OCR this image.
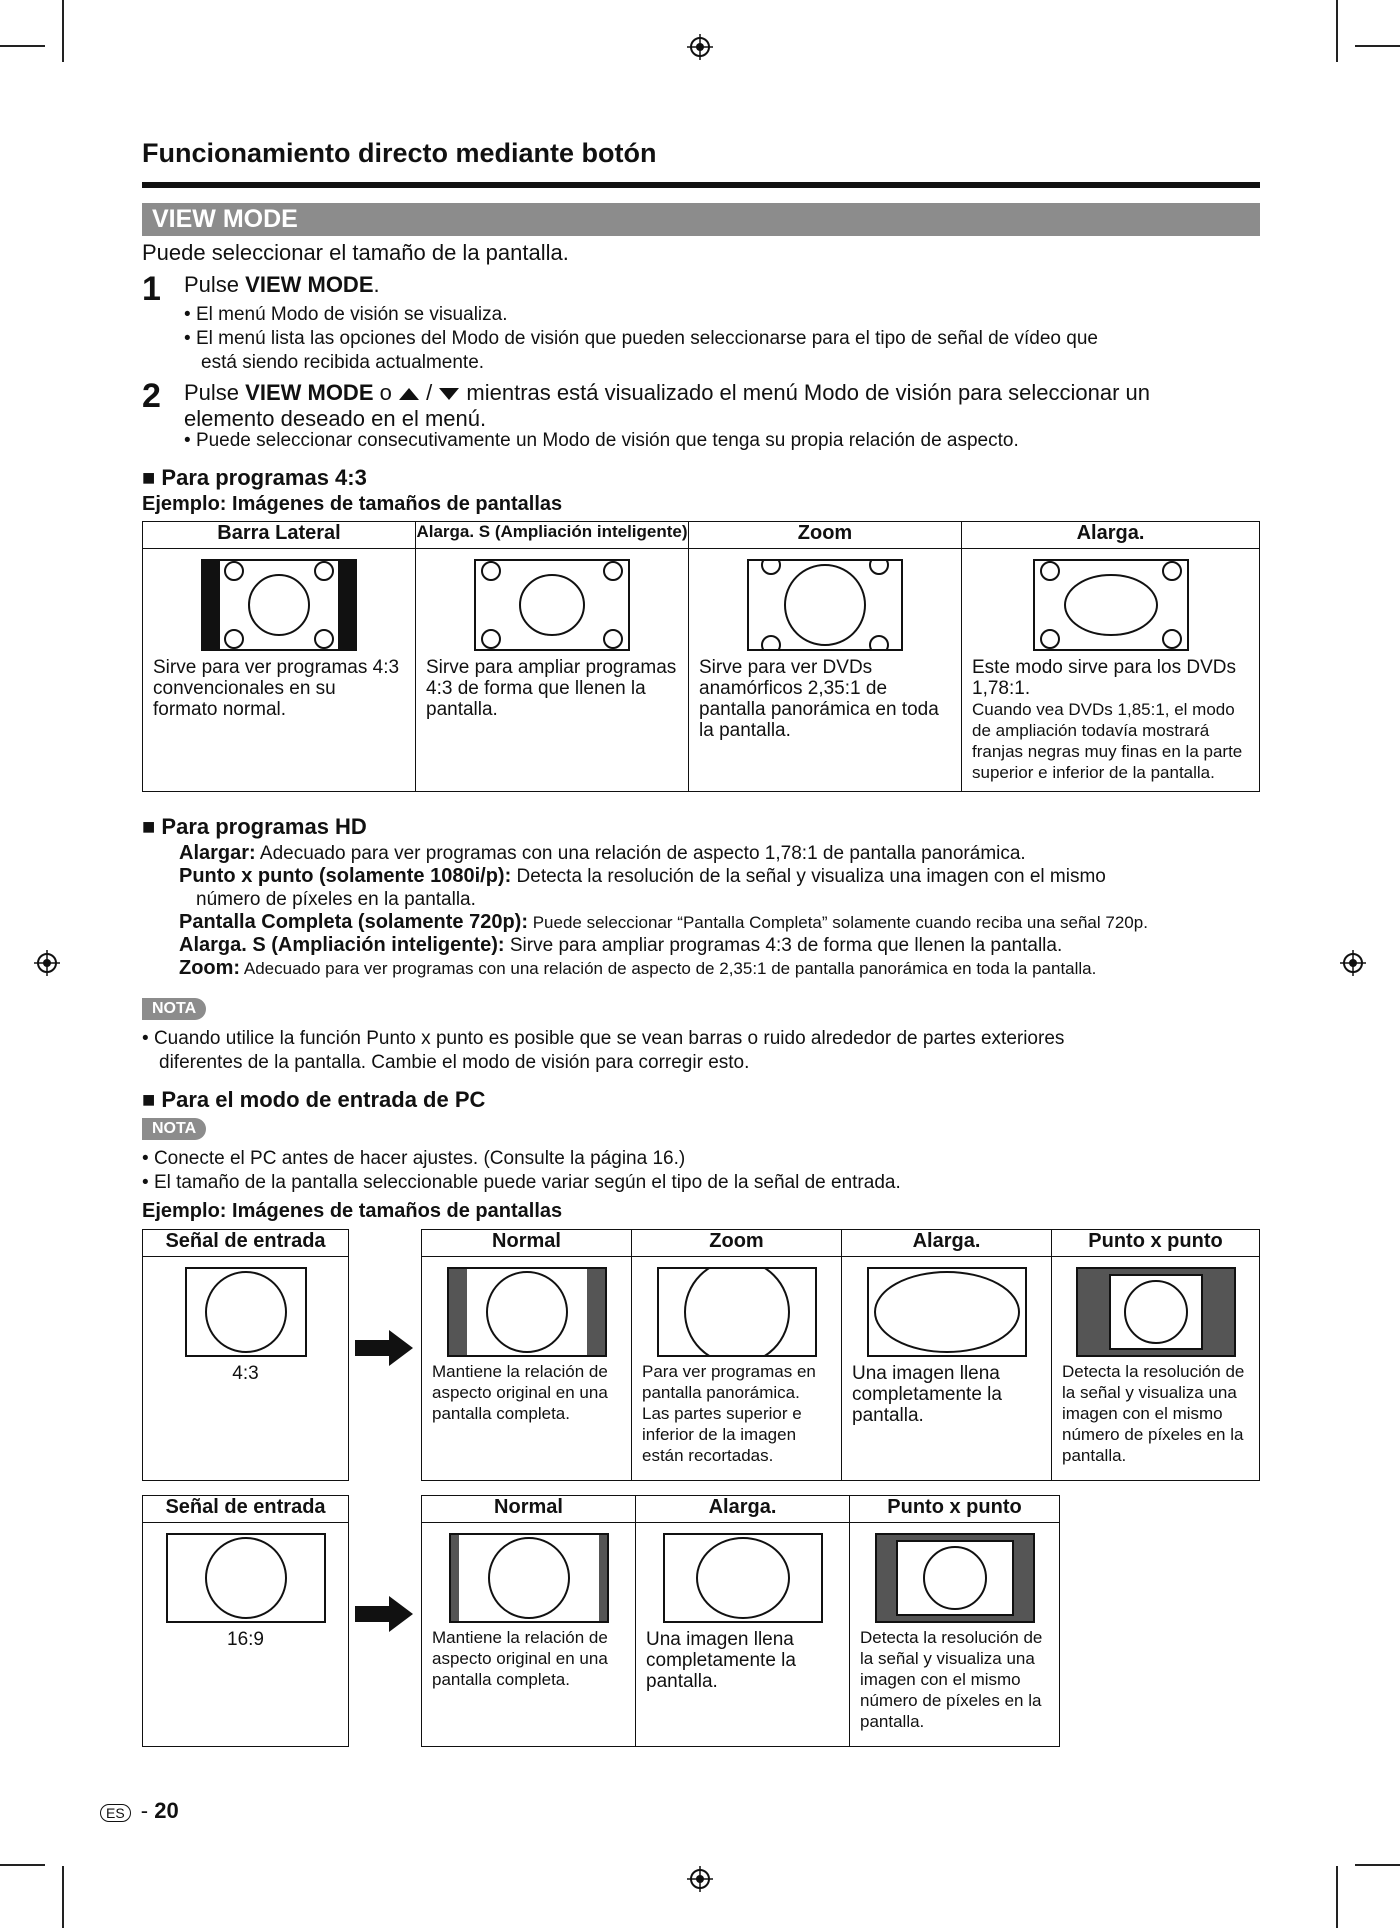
Funcionamiento directo mediante botón
VIEW MODE
Puede seleccionar el tamaño de la pantalla.
1 Pulse VIEW MODE.
• El menú Modo de visión se visualiza.
• El menú lista las opciones del Modo de visión que pueden seleccionarse para el tipo de señal de vídeo que
está siendo recibida actualmente.
2 Pulse VIEW MODE o  /  mientras está visualizado el menú Modo de visión para seleccionar un
elemento deseado en el menú.
• Puede seleccionar consecutivamente un Modo de visión que tenga su propia relación de aspecto.
■ Para programas 4:3
Ejemplo: Imágenes de tamaños de pantallas
Barra Lateral	Alarga. S (Ampliación inteligente)	Zoom	Alarga.

Sirve para ver programas 4:3 convencionales en su formato normal.	Sirve para ampliar programas 4:3 de forma que llenen la pantalla.	Sirve para ver DVDs anamórficos 2,35:1 de pantalla panorámica en toda la pantalla.	Este modo sirve para los DVDs 1,78:1.
Cuando vea DVDs 1,85:1, el modo de ampliación todavía mostrará franjas negras muy finas en la parte superior e inferior de la pantalla.
■ Para programas HD
Alargar: Adecuado para ver programas con una relación de aspecto 1,78:1 de pantalla panorámica.
Punto x punto (solamente 1080i/p): Detecta la resolución de la señal y visualiza una imagen con el mismo
número de píxeles en la pantalla.
Pantalla Completa (solamente 720p): Puede seleccionar “Pantalla Completa” solamente cuando reciba una señal 720p.
Alarga. S (Ampliación inteligente): Sirve para ampliar programas 4:3 de forma que llenen la pantalla.
Zoom: Adecuado para ver programas con una relación de aspecto de 2,35:1 de pantalla panorámica en toda la pantalla.
NOTA
• Cuando utilice la función Punto x punto es posible que se vean barras o ruido alrededor de partes exteriores
diferentes de la pantalla. Cambie el modo de visión para corregir esto.
■ Para el modo de entrada de PC
NOTA
• Conecte el PC antes de hacer ajustes. (Consulte la página 16.)
• El tamaño de la pantalla seleccionable puede variar según el tipo de la señal de entrada.
Ejemplo: Imágenes de tamaños de pantallas
Señal de entrada

4:3
Normal	Zoom	Alarga.	Punto x punto

Mantiene la relación de aspecto original en una pantalla completa.	Para ver programas en pantalla panorámica. Las partes superior e inferior de la imagen están recortadas.	Una imagen llena completamente la pantalla.	Detecta la resolución de la señal y visualiza una imagen con el mismo número de píxeles en la pantalla.
Señal de entrada

16:9
Normal	Alarga.	Punto x punto

Mantiene la relación de aspecto original en una pantalla completa.	Una imagen llena completamente la pantalla.	Detecta la resolución de la señal y visualiza una imagen con el mismo número de píxeles en la pantalla.
ES - 20
